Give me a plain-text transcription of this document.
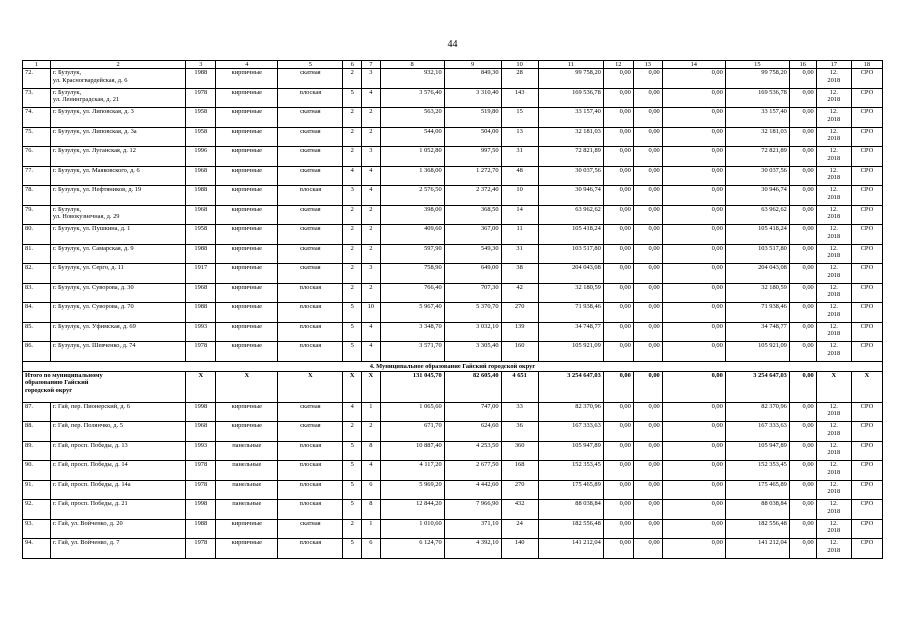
44
1	2	3	4	5	6	7	8	9	10	11	12	13	14	15	16	17	18
72.	г. Бузулук,
ул. Красногвардейская, д. 6	1988	кирпичные	скатная	2	3	932,10	849,30	28	99 758,20	0,00	0,00	0,00	99 758,20	0,00	12.
2018	СРО
73.	г. Бузулук,
ул. Ленинградская, д. 21	1978	кирпичные	плоская	5	4	3 576,40	3 310,40	143	169 536,78	0,00	0,00	0,00	169 536,78	0,00	12.
2018	СРО
74.	г. Бузулук, ул. Липовская, д. 3	1958	кирпичные	скатная	2	2	563,20	519,80	15	33 157,40	0,00	0,00	0,00	33 157,40	0,00	12.
2018	СРО
75.	г. Бузулук, ул. Липовская, д. 3а	1958	кирпичные	скатная	2	2	544,00	504,00	13	32 181,03	0,00	0,00	0,00	32 181,03	0,00	12.
2018	СРО
76.	г. Бузулук, ул. Луганская, д. 12	1996	кирпичные	скатная	2	3	1 052,80	997,50	31	72 821,89	0,00	0,00	0,00	72 821,89	0,00	12.
2018	СРО
77.	г. Бузулук, ул. Маяковского, д. 6	1968	кирпичные	скатная	4	4	1 368,00	1 272,70	48	30 037,56	0,00	0,00	0,00	30 037,56	0,00	12.
2018	СРО
78.	г. Бузулук, ул. Нефтяников, д. 19	1988	кирпичные	плоская	3	4	2 576,50	2 372,40	10	30 946,74	0,00	0,00	0,00	30 946,74	0,00	12.
2018	СРО
79.	г. Бузулук,
ул. Новокузнечная, д. 29	1968	кирпичные	скатная	2	2	398,00	368,50	14	63 962,62	0,00	0,00	0,00	63 962,62	0,00	12.
2018	СРО
80.	г. Бузулук, ул. Пушкина, д. 1	1958	кирпичные	скатная	2	2	409,60	367,00	11	105 418,24	0,00	0,00	0,00	105 418,24	0,00	12.
2018	СРО
81.	г. Бузулук, ул. Самарская, д. 9	1988	кирпичные	скатная	2	2	597,90	549,30	31	103 517,80	0,00	0,00	0,00	103 517,80	0,00	12.
2018	СРО
82.	г. Бузулук, ул. Серго, д. 11	1917	кирпичные	скатная	2	3	758,90	649,00	38	204 043,08	0,00	0,00	0,00	204 043,08	0,00	12.
2018	СРО
83.	г. Бузулук, ул. Суворова, д. 30	1968	кирпичные	плоская	2	2	766,40	707,30	42	32 180,59	0,00	0,00	0,00	32 180,59	0,00	12.
2018	СРО
84.	г. Бузулук, ул. Суворова, д. 70	1988	кирпичные	плоская	5	10	5 967,40	5 370,70	270	71 938,46	0,00	0,00	0,00	71 938,46	0,00	12.
2018	СРО
85.	г. Бузулук, ул. Уфимская, д. 69	1993	кирпичные	плоская	5	4	3 348,70	3 032,10	139	34 748,77	0,00	0,00	0,00	34 748,77	0,00	12.
2018	СРО
86.	г. Бузулук, ул. Шевченко, д. 74	1978	кирпичные	плоская	5	4	3 571,70	3 305,40	160	105 921,09	0,00	0,00	0,00	105 921,09	0,00	12.
2018	СРО
4. Муниципальное образование Гайский городской округ																	
Итого по муниципальному
образованию Гайский
городской округ		X	X	X	X	X	131 045,70	82 605,40	4 651	3 254 647,03	0,00	0,00	0,00	3 254 647,03	0,00	X	X
87.	г. Гай, пер. Пионерский, д. 6	1998	кирпичные	скатная	4	1	1 065,60	747,00	33	82 370,96	0,00	0,00	0,00	82 370,96	0,00	12.
2018	СРО
88.	г. Гай, пер. Полянчко, д. 5	1968	кирпичные	скатная	2	2	671,70	624,60	36	167 333,63	0,00	0,00	0,00	167 333,63	0,00	12.
2018	СРО
89.	г. Гай, просп. Победы, д. 13	1993	панельные	плоская	5	8	10 887,40	4 253,50	360	105 947,89	0,00	0,00	0,00	105 947,89	0,00	12.
2018	СРО
90.	г. Гай, просп. Победы, д. 14	1978	панельные	плоская	5	4	4 117,20	2 677,50	168	152 353,45	0,00	0,00	0,00	152 353,45	0,00	12.
2018	СРО
91.	г. Гай, просп. Победы, д. 14а	1978	панельные	плоская	5	6	5 969,20	4 442,60	270	175 465,89	0,00	0,00	0,00	175 465,89	0,00	12.
2018	СРО
92.	г. Гай, просп. Победы, д. 21	1998	панельные	плоская	5	8	12 844,20	7 966,90	432	88 038,84	0,00	0,00	0,00	88 038,84	0,00	12.
2018	СРО
93.	г. Гай, ул. Войченко, д. 20	1988	кирпичные	скатная	2	1	1 010,60	371,10	24	182 556,48	0,00	0,00	0,00	182 556,48	0,00	12.
2018	СРО
94.	г. Гай, ул. Войченко, д. 7	1978	кирпичные	плоская	5	6	6 124,70	4 392,10	140	141 212,04	0,00	0,00	0,00	141 212,04	0,00	12.
2018	СРО
